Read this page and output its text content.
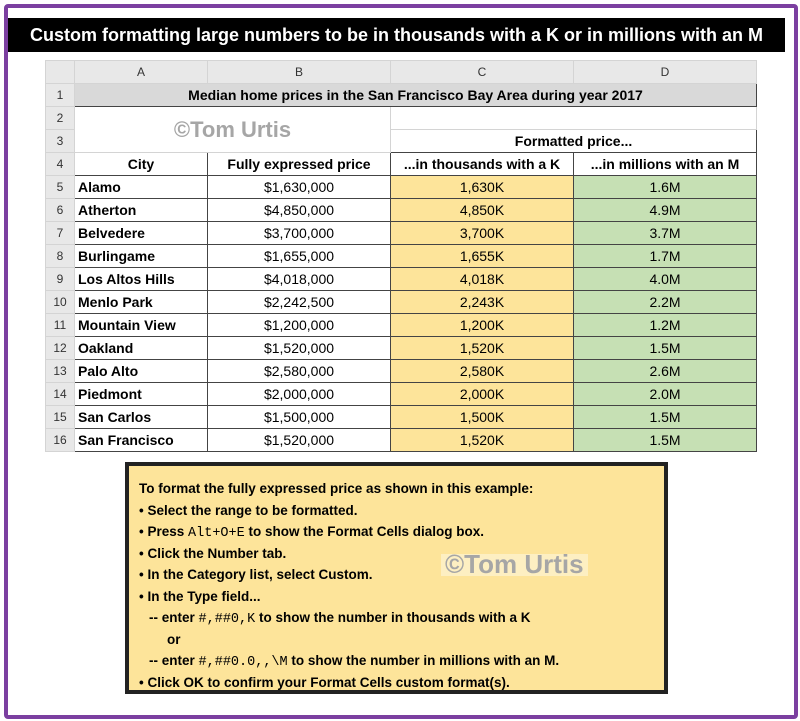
Custom formatting large numbers to be in thousands with a K or in millions with an M
	A	B	C	D
1	Median home prices in the San Francisco Bay Area during year 2017			
2	©Tom Urtis			
3			Formatted price...	
4	City	Fully expressed price	...in thousands with a K	...in millions with an M
5	Alamo	$1,630,000	1,630K	1.6M
6	Atherton	$4,850,000	4,850K	4.9M
7	Belvedere	$3,700,000	3,700K	3.7M
8	Burlingame	$1,655,000	1,655K	1.7M
9	Los Altos Hills	$4,018,000	4,018K	4.0M
10	Menlo Park	$2,242,500	2,243K	2.2M
11	Mountain View	$1,200,000	1,200K	1.2M
12	Oakland	$1,520,000	1,520K	1.5M
13	Palo Alto	$2,580,000	2,580K	2.6M
14	Piedmont	$2,000,000	2,000K	2.0M
15	San Carlos	$1,500,000	1,500K	1.5M
16	San Francisco	$1,520,000	1,520K	1.5M
To format the fully expressed price as shown in this example:
• Select the range to be formatted.
• Press Alt+O+E to show the Format Cells dialog box.
• Click the Number tab.
• In the Category list, select Custom.
• In the Type field...
-- enter #,##0,K to show the number in thousands with a K
or
-- enter #,##0.0,,\M to show the number in millions with an M.
• Click OK to confirm your Format Cells custom format(s).
©Tom Urtis
